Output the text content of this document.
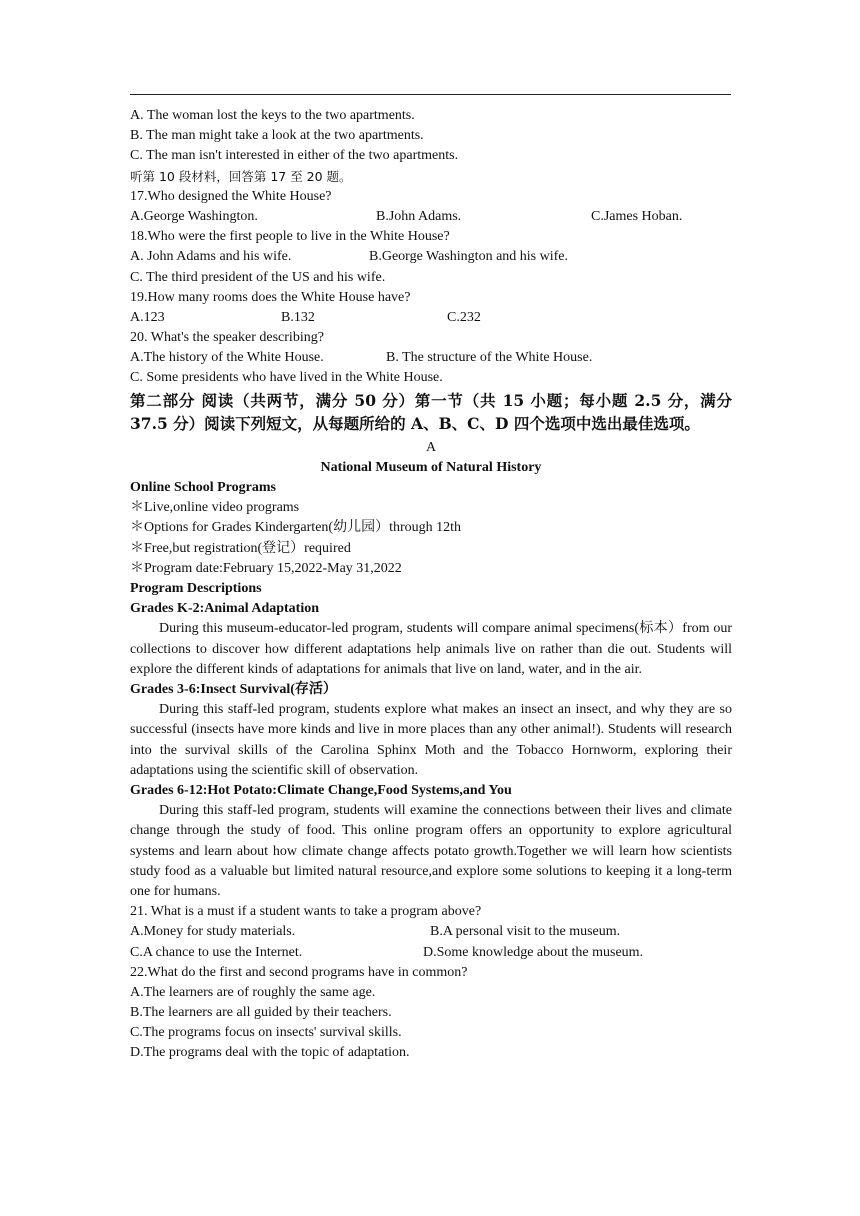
A. The woman lost the keys to the two apartments.
B. The man might take a look at the two apartments.
C. The man isn't interested in either of the two apartments.
听第 10 段材料，回答第 17 至 20 题。
17.Who designed the White House?
A.George Washington.	B.John Adams.	C.James Hoban.
18.Who were the first people to live in the White House?
A. John Adams and his wife.	B.George Washington and his wife.
C. The third president of the US and his wife.
19.How many rooms does the White House have?
A.123	B.132	C.232
20. What's the speaker describing?
A.The history of the White House.	B. The structure of the White House.
C. Some presidents who have lived in the White House.
第二部分 阅读（共两节，满分 50 分）第一节（共 15 小题；每小题 2.5 分，满分 37.5 分）阅读下列短文，从每题所给的 A、B、C、D 四个选项中选出最佳选项。
A
National Museum of Natural History
Online School Programs
＊Live,online video programs
＊Options for Grades Kindergarten(幼儿园）through 12th
＊Free,but registration(登记）required
＊Program date:February 15,2022-May 31,2022
Program Descriptions
Grades K-2:Animal Adaptation
During this museum-educator-led program, students will compare animal specimens(标本）from our collections to discover how different adaptations help animals live on rather than die out. Students will explore the different kinds of adaptations for animals that live on land, water, and in the air.
Grades 3-6:Insect Survival(存活）
During this staff-led program, students explore what makes an insect an insect, and why they are so successful (insects have more kinds and live in more places than any other animal!). Students will research into the survival skills of the Carolina Sphinx Moth and the Tobacco Hornworm, exploring their adaptations using the scientific skill of observation.
Grades 6-12:Hot Potato:Climate Change,Food Systems,and You
During this staff-led program, students will examine the connections between their lives and climate change through the study of food. This online program offers an opportunity to explore agricultural systems and learn about how climate change affects potato growth.Together we will learn how scientists study food as a valuable but limited natural resource,and explore some solutions to keeping it a long-term one for humans.
21. What is a must if a student wants to take a program above?
A.Money for study materials.	B.A personal visit to the museum.
C.A chance to use the Internet.	D.Some knowledge about the museum.
22.What do the first and second programs have in common?
A.The learners are of roughly the same age.
B.The learners are all guided by their teachers.
C.The programs focus on insects' survival skills.
D.The programs deal with the topic of adaptation.
